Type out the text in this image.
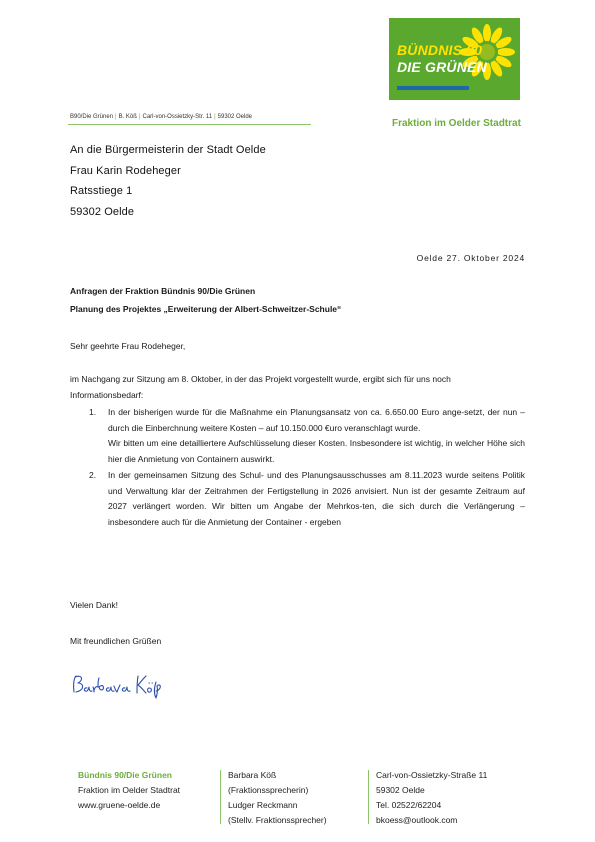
BÜNDNIS 90
DIE GRÜNEN
Fraktion im Oelder Stadtrat
B90/Die Grünen | B. Köß | Carl-von-Ossietzky-Str. 11 | 59302 Oelde
An die Bürgermeisterin der Stadt Oelde
Frau Karin Rodeheger
Ratsstiege 1
59302 Oelde
Oelde 27. Oktober 2024
Anfragen der Fraktion Bündnis 90/Die Grünen
Planung des Projektes „Erweiterung der Albert-Schweitzer-Schule“
Sehr geehrte Frau Rodeheger,
im Nachgang zur Sitzung am 8. Oktober, in der das Projekt vorgestellt wurde, ergibt sich für uns noch
Informationsbedarf:
1. In der bisherigen wurde für die Maßnahme ein Planungsansatz von ca. 6.650.00 Euro ange-setzt, der nun – durch die Einberchnung weitere Kosten – auf 10.150.000 €uro veranschlagt wurde.

Wir bitten um eine detailliertere Aufschlüsselung dieser Kosten. Insbesondere ist wichtig, in welcher Höhe sich hier die Anmietung von Containern auswirkt.

2. In der gemeinsamen Sitzung des Schul- und des Planungsausschusses am 8.11.2023 wurde seitens Politik und Verwaltung klar der Zeitrahmen der Fertigstellung in 2026 anvisiert. Nun ist der gesamte Zeitraum auf 2027 verlängert worden. Wir bitten um Angabe der Mehrkos-ten, die sich durch die Verlängerung – insbesondere auch für die Anmietung der Container - ergeben

Vielen Dank!
Mit freundlichen Grüßen
Bündnis 90/Die Grünen
Fraktion im Oelder Stadtrat
www.gruene-oelde.de
Barbara Köß
(Fraktionssprecherin)
Ludger Reckmann
(Stellv. Fraktionssprecher)
Carl-von-Ossietzky-Straße 11
59302 Oelde
Tel. 02522/62204
bkoess@outlook.com
